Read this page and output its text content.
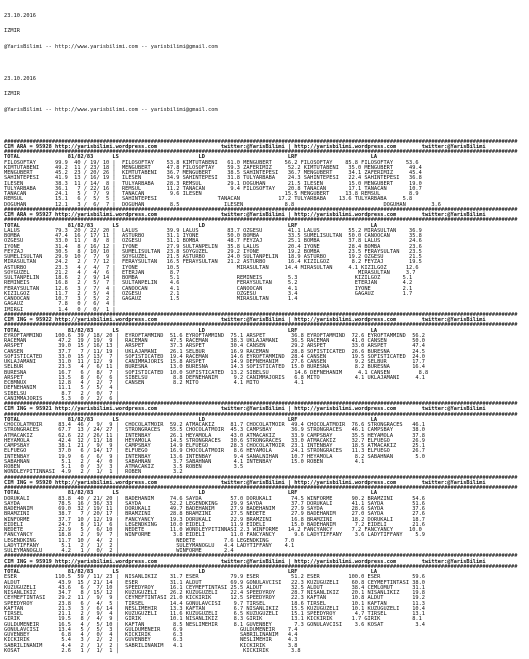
23.10.2016

IZMIR

@YarisBilimi -- http://www.yarisbilimi.com -- yarisbilimi@gmail.com

23.10.2016

IZMIR

@YarisBilimi -- http://www.yarisbilimi.com -- yarisbilimi@gmail.com

#################################################################################################################################################################
CIM ARA = 95928 http://yarisbilimi.wordpress.com                    twitter:@YarisBilimi | http://yarisbilimi.wordpress.com        twitter:@YarisBilimi
#################################################################################################################################################################
TOTAL               81/82/83      LS                         LD                          LRF                       LA
FILOSOFTAY      99.9  40 / 19/ 10 |  FILOSOFTAY    53.8 KIMTUTABENI   61.0 MENGUBERT    56.2 FILOSOFTAY    85.8 FILOSOFTAY    53.6
KIMTUTABENI     49.2  11 / 23/ 18 |  MENGUBERT     47.8 FILOSOFTAY    59.3 ZAFERIMIZ     52.2 KIMTUTABENI   35.0 MENGUBERT     49.4
MENGUBERT       45.2  23 / 20/ 26 |  KIMTUTABENI   36.7 MENGUBERT     38.5 SAHINTEPESI   36.7 MENGUBERT     34.1 ZAFERIMIZ     45.4
SAHINTEPESI     41.9  13 / 16/ 19 |  ILESEN        34.9 SAHINTEPESI   31.8 TULYARBABA    24.3 SAHINTEPESI   22.4 SAHINTEPESI   36.8
ILESEN          38.3  11 / 14/  8 |  TULYARBABA    28.3 REMSUL        29.1 DOGUHAN       21.5 ILESEN        15.0 MENGUBERT     19.0
TULYARBABA      36.1   7 / 22/ 16 |  REMSUL        11.2 TANACAN        9.4 FILOSOFTAY    20.8 TANACAN       17.1 TANACAN       10.7
TANACAN         24.1   5 /  7/  9 |  TANACAN        9.6 ILESEN                          15.5 MENGUBERT     13.8 REMSUL         8.9
REMSUL          15.1   6 /  5/  5 |  SAHINTEPESI                   TANACAN            17.2 TULYARBABA    13.6 TULYARBABA     5.8
DOGUHAN         12.1   3 /  6/  7 |  DOGUHAN        8.5              ILESEN             8.8                            DOGUHAN        3.6
#################################################################################################################################################################
CIM ARA = 95927 http://yarisbilimi.wordpress.com                    twitter:@YarisBilimi | http://yarisbilimi.wordpress.com        twitter:@YarisBilimi
#################################################################################################################################################################
TOTAL               81/82/83      LS                         LD                          LRF                       LA
LALUS           79.3  20 / 22/ 20 |  LALUS         39.9 LALUS         83.7 OZGESU        41.1 LALUS         55.2 MIRASULTAN    36.9
BOMBA           47.4  16 / 17/ 11 |  ASTURBO       31.1 IYONE         50.0 BOMBA         33.5 SUMELISULTAN  50.0 CANOOCAN      35.8
OZGESU          33.0  11 /  8/  8 |  OZGESU        31.1 BOMBA         48.7 FEYZAJ        25.1 BOMBA         37.8 LALUS         24.6
IYONE           31.4   8 / 16/ 12 |  IYONE         27.9 SULTANPELIN   35.8 LALUS         20.4 IYONE         28.4 BOMBA         23.6
FEYZAJ          30.5   8 / 10/ 10 |  SUMELISULTAN  23.8 SOYGUZEL      29.2 IYONE         19.2 BOMBA         23.5 FERAYSULTAN   23.5
SUMELISULTAN    29.9  10 /  7/  9 |  SOYGUZEL      21.5 ASTURBO       24.0 SULTANPELIN   18.9 ASTURBO       19.2 OZGESU        21.5
MIRASULTAN      24.2   2 /  7/ 12 |  FERAYSULTAN   16.5 FERAYSULTAN   21.2 ASTURBO       16.4 KIZILGOZ       8.2 FEYZAJ        19.5
ASTURBO         23.3   4 /  4/  7 |  IYONE         10.5                  MIRASULTAN     14.4 MIRASULTAN     4.1 KIZILGOZ      12.6
SOYGUZEL        21.2   4 /  4/  6 |  ETERJAN        8.7                                                        MIRASULTAN     3.7
SULTANPELIN     18.6   2 /  9/ 14 |  BOMBA          5.1                  REMINEIS        5.3                  KIZILGOZ       5.1
REMINEIS        16.8   2 /  5/  7 |  SULTANPELIN    4.6                  FERAYSULTAN     5.2                  ETERJAN        4.2
FERAYSULTAN     12.6   3 /  7/  4 |  CANOOCAN       4.1                  CANOOCAN        4.1                  IYONE          2.1
KIZILGOZ        11.7   2 /  5/  4 |  OZGESU         2.1                  OZGESU          3.4                  GAGAUZ         1.7
CANOOCAN        10.7   3 /  5/  2 |  GAGAUZ         1.5                  MIRASULTAN      1.4
GAGAUZ           7.8   0 /  6/  4 |
IMIRGI           1.4   0 /  0/  1 |
#################################################################################################################################################################
CIM ING = 95922 http://yarisbilimi.wordpress.com                    twitter:@YarisBilimi | http://yarisbilimi.wordpress.com        twitter:@YarisBilimi
#################################################################################################################################################################
TOTAL               81/82/83      LS                         LD                          LRF                       LA
EYROFTAMMIND    100.6  39 / 18/ 20 |  EYROFTAMMIND  51.6 EYROFTAMMIND  75.1 ARSPET        36.8 EYROFTAMMIND  72.6 EYROFTAMMIND  56.2
RACEMAN          47.2  19 / 19/  9 |  RACEMAN       47.5 RACEMAN       38.3 UKLAJAMANI    36.5 RACEMAN       41.0 CANSEN        50.0
ARSPET           39.0  15 / 16/ 13 |  ARSPET        37.3 ARSPET        30.4 CANSEN        29.2 ARSPET        33.0 ARSPET        47.4
CANSEN           37.7   7 / 11/ 19 |  UKLAJAMANI    26.1 SELBUR        16.9 RACEMAN       28.8 SOFISTICATED  26.6 BURESNA       24.5
SOFISTICATED     33.0  15 / 13/  7 |  SOFISTICATED  19.4 RACEMAN       14.6 EYROFTAMMIND  28.4 CANSEN        19.5 SOFISTICATED  24.0
UKLAJAMANI       31.0  11 / 12/  9 |  CANIMMAJORIS  15.8 ARSPET        14.9 DEFNEHANIM    27.6 CANSEN         9.2 SELBUR        17.7
SELBUR           23.3   4 /  6/ 11 |  BURESNA       13.0 BURESNA       14.3 SOFISTICATED  15.0 BURESNA        8.2 BURESNA       16.4
BURESNA          16.7   6 /  8/  7 |  SOFISTICATED  10.0 SOFISTICATED  13.2 SIBELSU        14.6 DEFNEHANIM     4.1 CANSEN         8.8
ARSPET           13.5   8 /  6/  6 |  SIBELSU        8.8 DEFNEHANIM     9.2 CANIMMAJORIS   6.8 MITO           4.1 UKLAJAMANI     4.1
ECBMNUX          12.8   4 /  2/  7 |  CANSEN         8.2 MITO           4.1 MITO           4.1
DEFNEHANIM       11.1   5 /  5/  4 |
SIBELSU           8.7   2 /  0/  7 |
CANIMMAJORIS      5.3   0 /  2/  6 |
#################################################################################################################################################################
CIM ING = 95921 http://yarisbilimi.wordpress.com                    twitter:@YarisBilimi | http://yarisbilimi.wordpress.com        twitter:@YarisBilimi
#################################################################################################################################################################
TOTAL               81/82/83      LS                         LD                          LRF                       LA
CHOCOLATMOIR     83.4  46 /  9/  9 |  CHOCOLATMOIR  59.2 ATMACAKIZ     81.7 CHOCOLATMOIR  49.4 CHOCOLATMOIR  76.6 STRONGRACES   46.1
STRONGRACES      67.7  13 / 24/ 27 |  STRONGRACES   55.5 CHOCOLATMOIR  45.3 CAMPSBAY      36.9 STRONGRACES   46.1 CAMPSBAY      38.0
ATMACAKIZ        62.6  22 / 26/ 11 |  INTENBAY      26.1 HEYAMOLA      43.0 ATMACAKIZ     33.9 CAMPSBAY      35.5 HEYAMOLA      37.8
HEYAMOLA         42.4  12 / 11/ 18 |  HEYAMOLA      14.5 STRONGRACES   30.6 STRONGRACES   33.0 ATMACAKIZ     32.7 ELFUEGO       26.9
CAMPSBAY         38.1  21 /  9/  9 |  CAMPSBAY      14.9 ELFUEGO       28.3 CHOCOLATMOIR  23.1 INTENBAY      18.5 ATMACAKIZ     25.1
ELFUEGO          37.0   6 / 14/ 17 |  ELFUEGO       16.9 CHOCOLATMOIR   8.6 HEYAMOLA      24.1 STRONGRACES   11.3 ELFUEGO       26.7
INTENBAY         19.9   6 /  6/  9 |  INTENBAY      13.6 INTENBAY       9.4 SANALNIHAN    10.7 HEYAMOLA       8.2 SABAHNAN       5.0
SABAHNAN          5.1   2 /  4/  0 |  SABAHNAN       3.7 SABAHNAN       4.1 INTENBAY      15.0 ROBEN          4.1
ROBEN             5.1   0 /  3/  3 |  ATMACAKIZ      3.5 ROBEN          3.5
WONDLEYPITINNASI  4.9   2 /  1/  1 |  ROBEN          3.2
#################################################################################################################################################################
CIM ING = 95920 http://yarisbilimi.wordpress.com                    twitter:@YarisBilimi | http://yarisbilimi.wordpress.com        twitter:@YarisBilimi
#################################################################################################################################################################
TOTAL               81/82/83      LS                         LD                          LRF                       LA
DORUKALI         83.8  40 / 21/ 20 |  BADEHANIM     74.6 SAYDA         57.0 DORUKALI      74.5 WINFORME      90.2 BRAMZINI      54.6
SAYDA            78.5  16 / 36/ 33 |  SAYDA         52.2 LEGENDKING    29.9 SAYDA         37.7 DORUKALI      41.1 SAYDA         51.6
BADEHANIM        69.0  32 / 19/ 11 |  DORUKALI      49.7 BADEHANIM     27.9 BADEHANIM     27.9 SAYDA         28.6 SAYDA         37.6
BRAMZINI         38.7   7 / 20/ 17 |  BRAMZINI      28.8 BRAMZINI      27.5 NEDETE        27.9 BADEHANIM     27.0 SAYDA         27.6
WINFORME         37.7  10 / 12/ 19 |  FANCYANCY     19.3 DORUKALI      22.9 BRAMZINI      16.8 BRAMZINI      18.2 DORUKALI      18.7
EIDELI           24.7   8 / 11/  6 |  LEGENDKING    10.0 EIDELI        11.9 EIDELI        15.0 BADEHANIM      7.2 EIDELI        21.6
NEDETE           22.9   5 /  6/ 10 |  NEDETE        11.0 WONDLEYPITINNASI 2.3 WINFORME   14.2 FANCYANCY      7.2 FANCYANCY     10.0
FANCYANCY        18.8   2 /  9/  7 |  WINFORME       3.8 EIDELI        11.0 FANCYANCY      9.6 LADYTIFFANY    3.6 LADYTIFFANY    5.9
LEGENDKING       11.7  10 /  4/  2 |                  NEDETE         7.6 LEGENDKING     7.0
LADYTIFFANY       5.1   2 /  1/  2 |                  SULEYMANOGLU   4.4 LADYTIFFANY    4.1
SULEYMANOGLU      4.2   1 /  0/  2 |                  WINFORME       2.4
#################################################################################################################################################################
CIM ING = 95919 http://yarisbilimi.wordpress.com                    twitter:@YarisBilimi | http://yarisbilimi.wordpress.com        twitter:@YarisBilimi
#################################################################################################################################################################
TOTAL               81/82/83      LS                         LD                          LRF                       LA
ESER            110.5  59 / 11/ 23 |  NISANLIKIZ    31.7 ESER          79.9 ESER          51.2 ESER         100.0 ESER          59.6
ALDUT            43.9  15 / 21/ 14 |  ESER          31.1 ALDUT         69.9 GONULAVCISI   22.3 KUZUGUZELI    60.8 CEYMEFTINTASI 38.0
KUZUGUZELI       43.6   6 /  7/ 10 |  SPEEDYROY     16.1 CEYMEFTINTASI 25.5 ALDUT         32.5 ALDUT         38.4 CEMLOMUT      31.1
NISANLIKIZ       34.7   8 / 15/ 12 |  KUZUGUZELI    26.2 KUZUGUZELI    22.4 SPEEDYROY     28.7 NISANLIKIZ    20.1 NISANLIKIZ    19.8
CEYMEFTINTASI    29.2  11 /  9/  9 |  CEYMEFTINTASI 21.0 KICKIRIK      12.5 SPEEDYROY     22.3 KAFTAN        10.8 ALDUT         19.2
SPEEDYROY        23.8   6 /  4/  5 |  TIRSEL        14.4 GONULAVCISI    9.7 TIRSEL        18.6 TIRSEL        10.1 KAFTAN        11.3
KAFTAN           21.3   3 /  6/ 14 |  NESLIMEHIR    13.3 KAFTAN         6.7 NISANLIKIZ    15.5 KUZUGUZELI    10.1 KUZUGUZELI    10.4
TIRSEL           21.1   2 /  9/  4 |  KUZUGUZELI    11.6 KUZUGUZELI     6.5 KUZUGUZELI    15.1 SPEEDYROY      4.7 TIRSEL        13.1
GIRIK            19.5   8 /  4/  9 |  GIRIK         10.1 NISANLIKIZ     8.3 GIRIK         13.1 KICKIRIK      1.7 GIRIK          8.1
GULDUMENEIR      16.5   4 /  5/ 10 |  KAFTAN         8.5 NESLIMEHIR     8.1 GUVENBEY       7.3 GONULAVCISI    3.6 KOSAT          3.4
GONULAVCISI      13.4   5 /  5/  3 |  GULDUMENEIR    6.9                  GULDUMENEIR    7.4
GUVENBEY          6.8   4 /  0/  4 |  KICKIRIK       6.3                  SABRILINANIM   4.4
KICKIRIK          5.4   3 /  2/  2 |  GUVENBEY       6.3                  NESLIMEHIR     4.3
SABRILINANIM      4.4   2 /  1/  2 |  SABRILINANIM   4.1                  KICKIRIK       3.8
KOSAT             2.6   1 /  1/  1 |                                       KICKIRIK       3.8
